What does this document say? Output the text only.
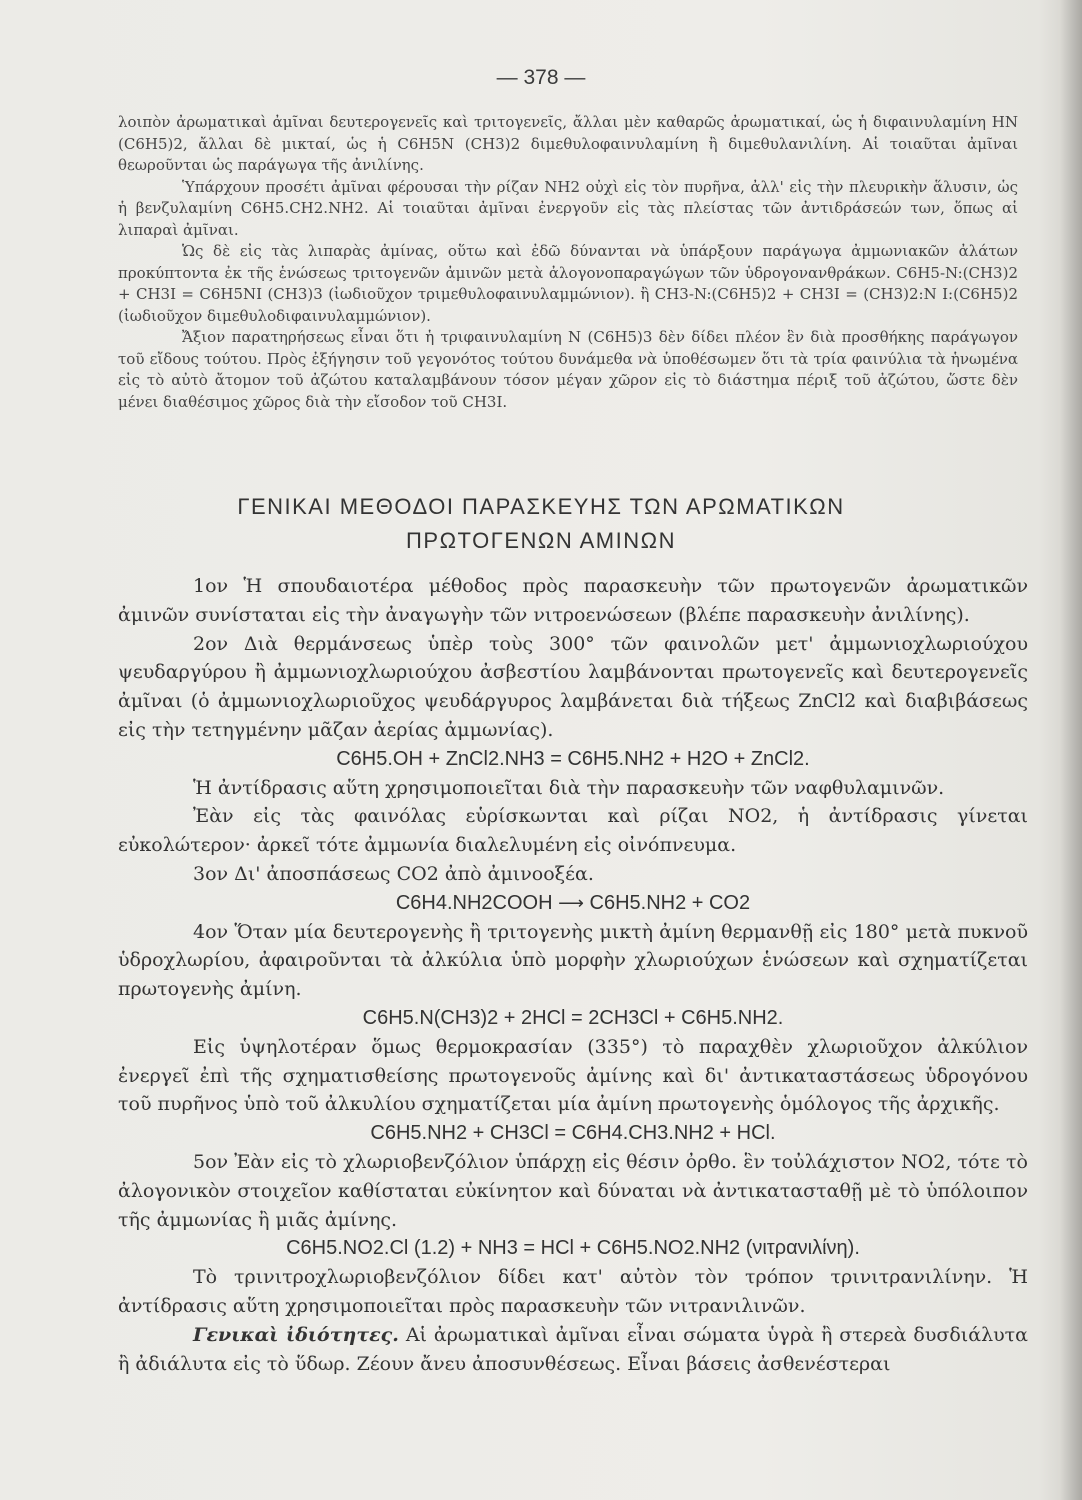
— 378 —

λοιπὸν ἀρωματικαὶ ἀμῖναι δευτερογενεῖς καὶ τριτογενεῖς, ἄλλαι μὲν καθαρῶς ἀρωματικαί, ὡς ἡ διφαινυλαμίνη HN (C6H5)2, ἄλλαι δὲ μικταί, ὡς ἡ C6H5N (CH3)2 διμεθυλοφαινυλαμίνη ἢ διμεθυλανιλίνη. Αἱ τοιαῦται ἀμῖναι θεωροῦνται ὡς παράγωγα τῆς ἀνιλίνης.

Ὑπάρχουν προσέτι ἀμῖναι φέρουσαι τὴν ρίζαν NH2 οὐχὶ εἰς τὸν πυρῆνα, ἀλλ' εἰς τὴν πλευρικὴν ἅλυσιν, ὡς ἡ βενζυλαμίνη C6H5.CH2.NH2. Αἱ τοιαῦται ἀμῖναι ἐνεργοῦν εἰς τὰς πλείστας τῶν ἀντιδράσεών των, ὅπως αἱ λιπαραὶ ἀμῖναι.

Ὡς δὲ εἰς τὰς λιπαρὰς ἀμίνας, οὕτω καὶ ἐδῶ δύνανται νὰ ὑπάρξουν παράγωγα ἀμμωνιακῶν ἀλάτων προκύπτοντα ἐκ τῆς ἑνώσεως τριτογενῶν ἀμινῶν μετὰ ἀλογονοπαραγώγων τῶν ὑδρογονανθράκων. C6H5-N:(CH3)2 + CH3I = C6H5NI (CH3)3 (ἰωδιοῦχον τριμεθυλοφαινυλαμμώνιον). ἢ CH3-N:(C6H5)2 + CH3I = (CH3)2:N I:(C6H5)2 (ἰωδιοῦχον διμεθυλοδιφαινυλαμμώνιον).

Ἄξιον παρατηρήσεως εἶναι ὅτι ἡ τριφαινυλαμίνη N (C6H5)3 δὲν δίδει πλέον ἓν διὰ προσθήκης παράγωγον τοῦ εἴδους τούτου. Πρὸς ἐξήγησιν τοῦ γεγονότος τούτου δυνάμεθα νὰ ὑποθέσωμεν ὅτι τὰ τρία φαινύλια τὰ ἡνωμένα εἰς τὸ αὐτὸ ἄτομον τοῦ ἀζώτου καταλαμβάνουν τόσον μέγαν χῶρον εἰς τὸ διάστημα πέριξ τοῦ ἀζώτου, ὥστε δὲν μένει διαθέσιμος χῶρος διὰ τὴν εἴσοδον τοῦ CH3I.

ΓΕΝΙΚΑΙ ΜΕΘΟΔΟΙ ΠΑΡΑΣΚΕΥΗΣ ΤΩΝ ΑΡΩΜΑΤΙΚΩΝ
ΠΡΩΤΟΓΕΝΩΝ ΑΜΙΝΩΝ

1ον Ἡ σπουδαιοτέρα μέθοδος πρὸς παρασκευὴν τῶν πρωτογενῶν ἀρωματικῶν ἀμινῶν συνίσταται εἰς τὴν ἀναγωγὴν τῶν νιτροενώσεων (βλέπε παρασκευὴν ἀνιλίνης).

2ον Διὰ θερμάνσεως ὑπὲρ τοὺς 300° τῶν φαινολῶν μετ' ἀμμωνιοχλωριούχου ψευδαργύρου ἢ ἀμμωνιοχλωριούχου ἀσβεστίου λαμβάνονται πρωτογενεῖς καὶ δευτερογενεῖς ἀμῖναι (ὁ ἀμμωνιοχλωριοῦχος ψευδάργυρος λαμβάνεται διὰ τήξεως ZnCl2 καὶ διαβιβάσεως εἰς τὴν τετηγμένην μᾶζαν ἀερίας ἀμμωνίας).

C6H5.OH + ZnCl2.NH3 = C6H5.NH2 + H2O + ZnCl2.

Ἡ ἀντίδρασις αὕτη χρησιμοποιεῖται διὰ τὴν παρασκευὴν τῶν ναφθυλαμινῶν.

Ἐὰν εἰς τὰς φαινόλας εὑρίσκωνται καὶ ρίζαι NO2, ἡ ἀντίδρασις γίνεται εὐκολώτερον· ἀρκεῖ τότε ἀμμωνία διαλελυμένη εἰς οἰνόπνευμα.

3ον Δι' ἀποσπάσεως CO2 ἀπὸ ἀμινοοξέα.

C6H4.NH2COOH ⟶ C6H5.NH2 + CO2

4ον Ὅταν μία δευτερογενὴς ἢ τριτογενὴς μικτὴ ἀμίνη θερμανθῇ εἰς 180° μετὰ πυκνοῦ ὑδροχλωρίου, ἀφαιροῦνται τὰ ἀλκύλια ὑπὸ μορφὴν χλωριούχων ἑνώσεων καὶ σχηματίζεται πρωτογενὴς ἀμίνη.

C6H5.N(CH3)2 + 2HCl = 2CH3Cl + C6H5.NH2.

Εἰς ὑψηλοτέραν ὅμως θερμοκρασίαν (335°) τὸ παραχθὲν χλωριοῦχον ἀλκύλιον ἐνεργεῖ ἐπὶ τῆς σχηματισθείσης πρωτογενοῦς ἀμίνης καὶ δι' ἀντικαταστάσεως ὑδρογόνου τοῦ πυρῆνος ὑπὸ τοῦ ἀλκυλίου σχηματίζεται μία ἀμίνη πρωτογενὴς ὁμόλογος τῆς ἀρχικῆς.

C6H5.NH2 + CH3Cl = C6H4.CH3.NH2 + HCl.

5ον Ἐὰν εἰς τὸ χλωριοβενζόλιον ὑπάρχῃ εἰς θέσιν ὀρθο. ἓν τοὐλάχιστον NO2, τότε τὸ ἀλογονικὸν στοιχεῖον καθίσταται εὐκίνητον καὶ δύναται νὰ ἀντικατασταθῇ μὲ τὸ ὑπόλοιπον τῆς ἀμμωνίας ἢ μιᾶς ἀμίνης.

C6H5.NO2.Cl (1.2) + NH3 = HCl + C6H5.NO2.NH2 (νιτρανιλίνη).

Τὸ τρινιτροχλωριοβενζόλιον δίδει κατ' αὐτὸν τὸν τρόπον τρινιτρανιλίνην. Ἡ ἀντίδρασις αὕτη χρησιμοποιεῖται πρὸς παρασκευὴν τῶν νιτρανιλινῶν.

Γενικαὶ ἰδιότητες. Αἱ ἀρωματικαὶ ἀμῖναι εἶναι σώματα ὑγρὰ ἢ στερεὰ δυσδιάλυτα ἢ ἀδιάλυτα εἰς τὸ ὕδωρ. Ζέουν ἄνευ ἀποσυνθέσεως. Εἶναι βάσεις ἀσθενέστεραι
